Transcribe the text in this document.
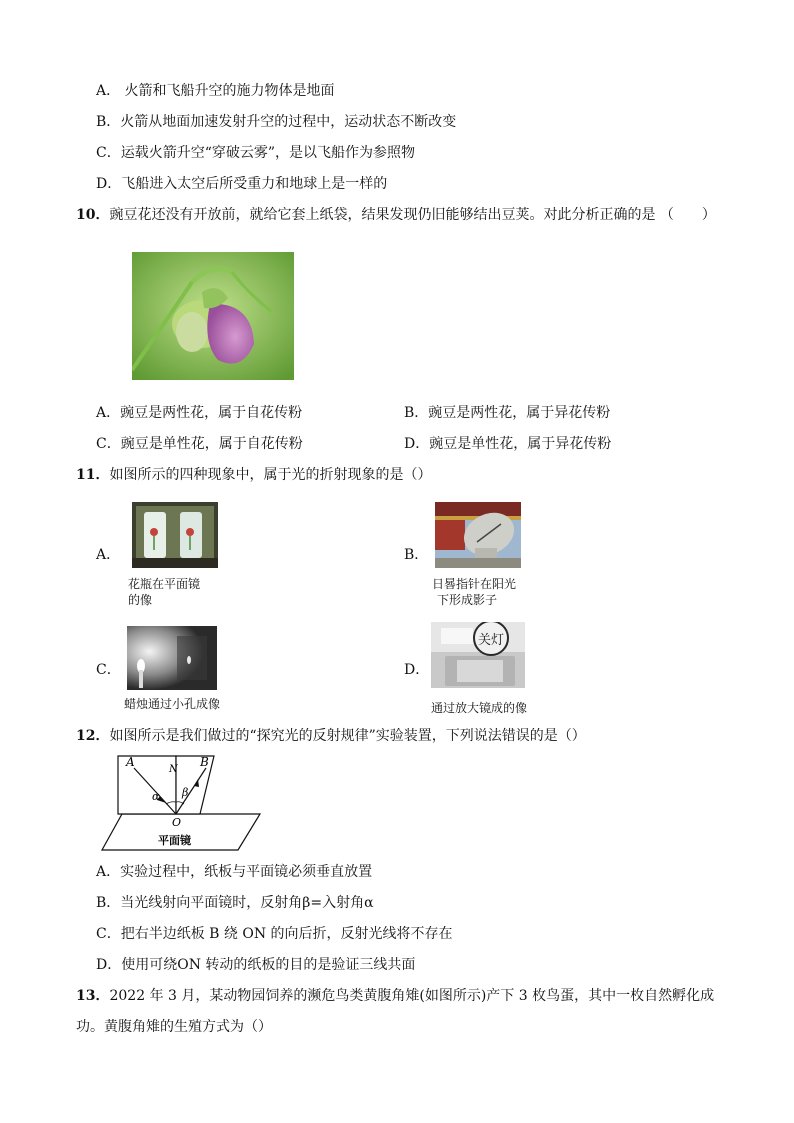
A． 火箭和飞船升空的施力物体是地面
B．火箭从地面加速发射升空的过程中，运动状态不断改变
C．运载火箭升空“穿破云雾”，是以飞船作为参照物
D．飞船进入太空后所受重力和地球上是一样的
10．豌豆花还没有开放前，就给它套上纸袋，结果发现仍旧能够结出豆荚。对此分析正确的是 （　　）
A．豌豆是两性花，属于自花传粉	B．豌豆是两性花，属于异花传粉
C．豌豆是单性花，属于自花传粉	D．豌豆是单性花，属于异花传粉
11．如图所示的四种现象中，属于光的折射现象的是（）
A．
花瓶在平面镜
的像
B．
日晷指针在阳光
下形成影子
C．
蜡烛通过小孔成像
D．
关灯
通过放大镜成的像
12．如图所示是我们做过的“探究光的反射规律”实验装置，下列说法错误的是（）
A	B
N
α β
O
平面镜
A．实验过程中，纸板与平面镜必须垂直放置
B．当光线射向平面镜时，反射角β=入射角α
C．把右半边纸板 B 绕 ON 的向后折，反射光线将不存在
D．使用可绕ON 转动的纸板的目的是验证三线共面
13．2022 年 3 月，某动物园饲养的濒危鸟类黄腹角雉(如图所示)产下 3 枚鸟蛋，其中一枚自然孵化成
功。黄腹角雉的生殖方式为（）
